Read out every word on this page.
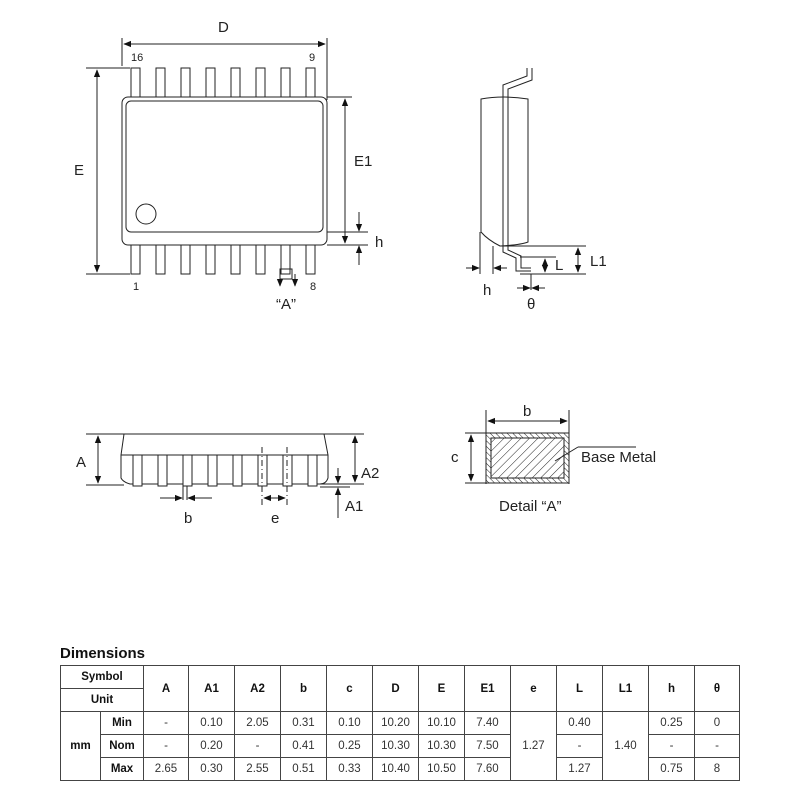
D
E
E1
h
16	9
1	8
“A”
L L1
h
θ
A
A2
A1
b	e
b
c	Base Metal
Detail “A”
Dimensions
Symbol		A	A1	A2	b	c	D	E	E1	e	L	L1	h	θ
Unit														
mm	Min	-	0.10	2.05	0.31	0.10	10.20	10.10	7.40	1.27	0.40	1.40	0.25	0
	Nom	-	0.20	-	0.41	0.25	10.30	10.30	7.50		-		-	-
	Max	2.65	0.30	2.55	0.51	0.33	10.40	10.50	7.60		1.27		0.75	8
